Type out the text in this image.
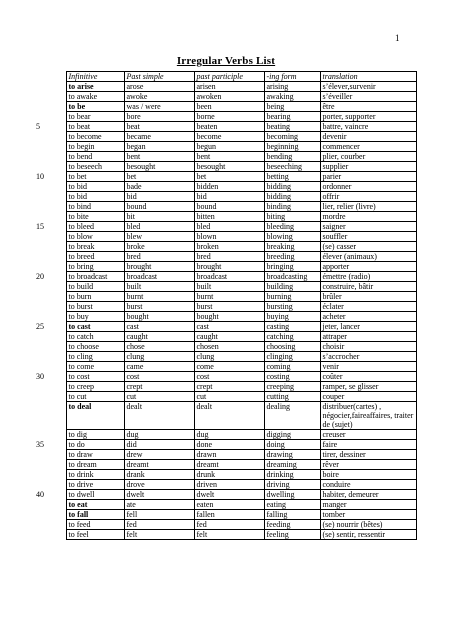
1
Irregular Verbs List
	Infinitive	Past simple	past participle	-ing form	translation
	to arise	arose	arisen	arising	s’élever,survenir
	to awake	awoke	awoken	awaking	s’éveiller
	to be	was / were	been	being	être
	to bear	bore	borne	bearing	porter, supporter
5	to beat	beat	beaten	beating	battre, vaincre
	to become	became	become	becoming	devenir
	to begin	began	begun	beginning	commencer
	to bend	bent	bent	bending	plier, courber
	to beseech	besought	besought	beseeching	supplier
10	to bet	bet	bet	betting	parier
	to bid	bade	bidden	bidding	ordonner
	to bid	bid	bid	bidding	offrir
	to bind	bound	bound	binding	lier, relier (livre)
	to bite	bit	bitten	biting	mordre
15	to bleed	bled	bled	bleeding	saigner
	to blow	blew	blown	blowing	souffler
	to break	broke	broken	breaking	(se) casser
	to breed	bred	bred	breeding	élever (animaux)
	to bring	brought	brought	bringing	apporter
20	to broadcast	broadcast	broadcast	broadcasting	émettre (radio)
	to build	built	built	building	construire, bâtir
	to burn	burnt	burnt	burning	brûler
	to burst	burst	burst	bursting	éclater
	to buy	bought	bought	buying	acheter
25	to cast	cast	cast	casting	jeter, lancer
	to catch	caught	caught	catching	attraper
	to choose	chose	chosen	choosing	choisir
	to cling	clung	clung	clinging	s’accrocher
	to come	came	come	coming	venir
30	to cost	cost	cost	costing	coûter
	to creep	crept	crept	creeping	ramper, se glisser
	to cut	cut	cut	cutting	couper
	to deal	dealt	dealt	dealing	distribuer(cartes) , négocier,faireaffaires, traiter de (sujet)
	to dig	dug	dug	digging	creuser
35	to do	did	done	doing	faire
	to draw	drew	drawn	drawing	tirer, dessiner
	to dream	dreamt	dreamt	dreaming	rêver
	to drink	drank	drunk	drinking	boire
	to drive	drove	driven	driving	conduire
40	to dwell	dwelt	dwelt	dwelling	habiter, demeurer
	to eat	ate	eaten	eating	manger
	to fall	fell	fallen	falling	tomber
	to feed	fed	fed	feeding	(se) nourrir (bêtes)
	to feel	felt	felt	feeling	(se) sentir, ressentir
